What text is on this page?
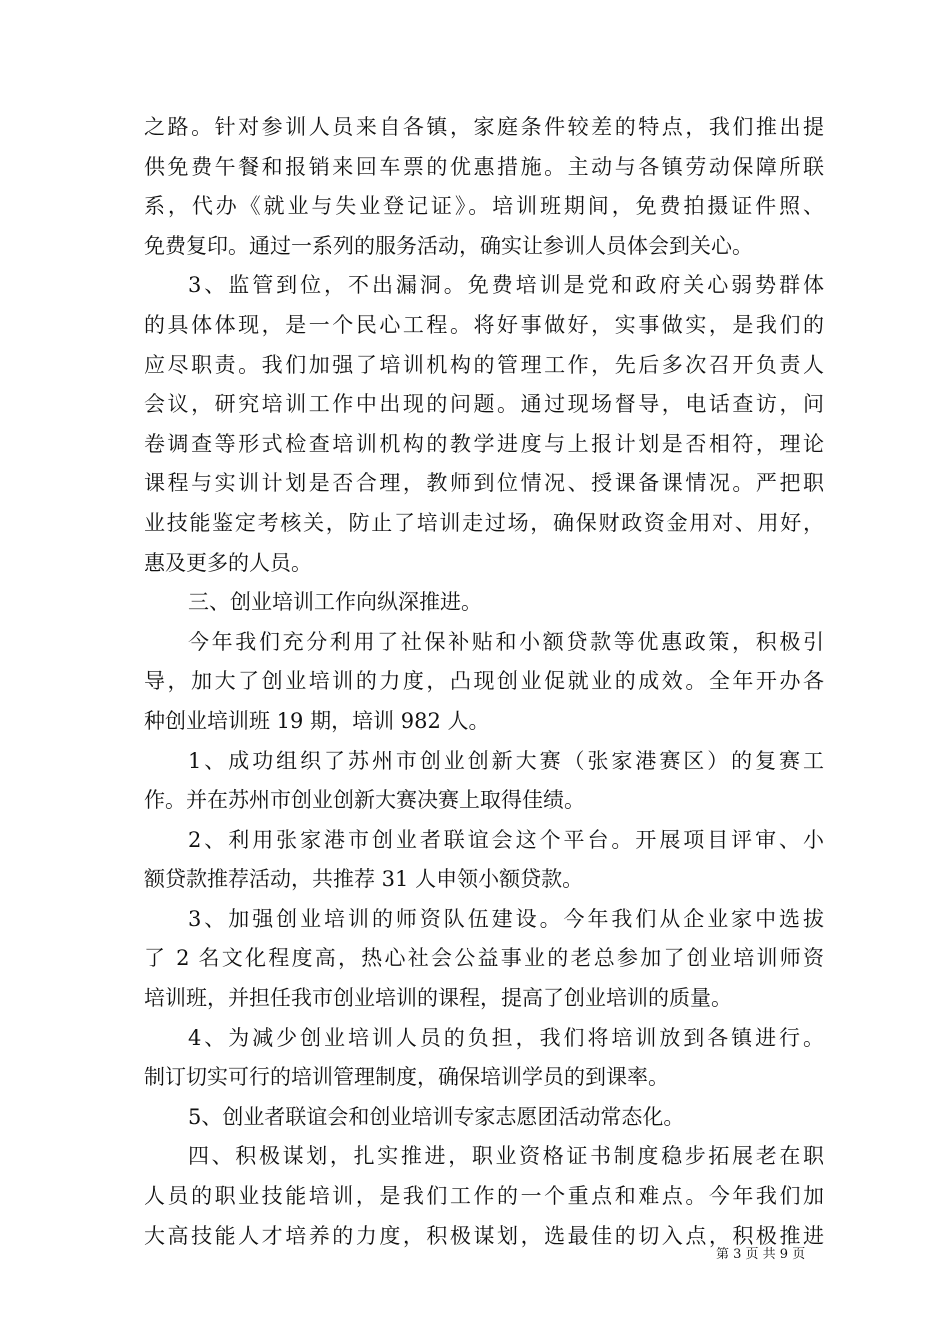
之路。针对参训人员来自各镇，家庭条件较差的特点，我们推出提
供免费午餐和报销来回车票的优惠措施。主动与各镇劳动保障所联
系，代办《就业与失业登记证》。培训班期间，免费拍摄证件照、
免费复印。通过一系列的服务活动，确实让参训人员体会到关心。
3、监管到位，不出漏洞。免费培训是党和政府关心弱势群体
的具体体现，是一个民心工程。将好事做好，实事做实，是我们的
应尽职责。我们加强了培训机构的管理工作，先后多次召开负责人
会议，研究培训工作中出现的问题。通过现场督导，电话查访，问
卷调查等形式检查培训机构的教学进度与上报计划是否相符，理论
课程与实训计划是否合理，教师到位情况、授课备课情况。严把职
业技能鉴定考核关，防止了培训走过场，确保财政资金用对、用好，
惠及更多的人员。
三、创业培训工作向纵深推进。
今年我们充分利用了社保补贴和小额贷款等优惠政策，积极引
导，加大了创业培训的力度，凸现创业促就业的成效。全年开办各
种创业培训班 19 期，培训 982 人。
1、成功组织了苏州市创业创新大赛（张家港赛区）的复赛工
作。并在苏州市创业创新大赛决赛上取得佳绩。
2、利用张家港市创业者联谊会这个平台。开展项目评审、小
额贷款推荐活动，共推荐 31 人申领小额贷款。
3、加强创业培训的师资队伍建设。今年我们从企业家中选拔
了 2 名文化程度高，热心社会公益事业的老总参加了创业培训师资
培训班，并担任我市创业培训的课程，提高了创业培训的质量。
4、为减少创业培训人员的负担，我们将培训放到各镇进行。
制订切实可行的培训管理制度，确保培训学员的到课率。
5、创业者联谊会和创业培训专家志愿团活动常态化。
四、积极谋划，扎实推进，职业资格证书制度稳步拓展老在职
人员的职业技能培训，是我们工作的一个重点和难点。今年我们加
大高技能人才培养的力度，积极谋划，选最佳的切入点，积极推进
第 3 页 共 9 页
